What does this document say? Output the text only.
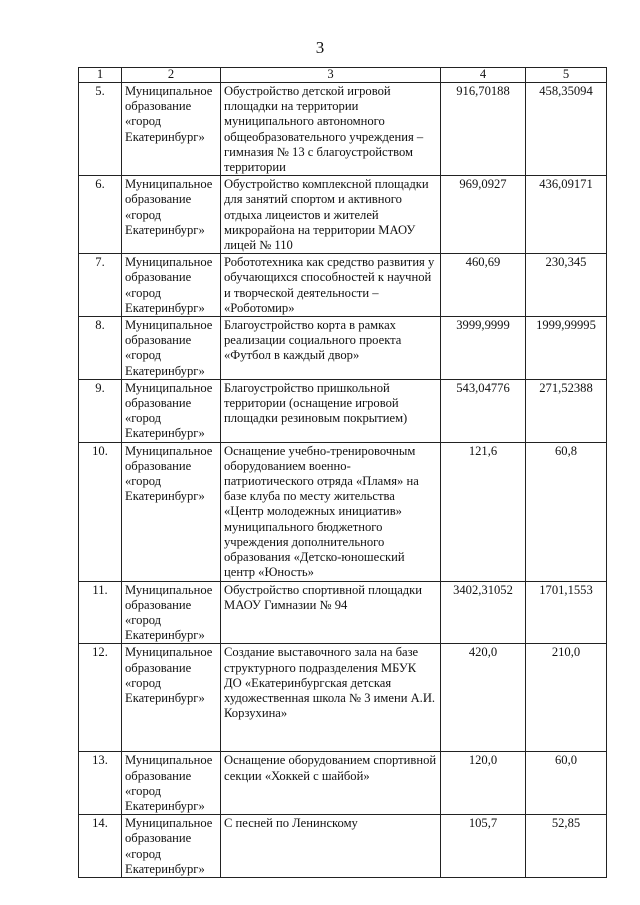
3
1	2	3	4	5
5.	Муниципальное образование «город Екатеринбург»	Обустройство детской игровой площадки на территории муниципального автономного общеобразовательного учреждения – гимназия № 13 с благоустройством территории	916,70188	458,35094
6.	Муниципальное образование «город Екатеринбург»	Обустройство комплексной площадки для занятий спортом и активного отдыха лицеистов и жителей микрорайона на территории МАОУ лицей № 110	969,0927	436,09171
7.	Муниципальное образование «город Екатеринбург»	Робототехника как средство развития у обучающихся способностей к научной и творческой деятельности – «Роботомир»	460,69	230,345
8.	Муниципальное образование «город Екатеринбург»	Благоустройство корта в рамках реализации социального проекта «Футбол в каждый двор»	3999,9999	1999,99995
9.	Муниципальное образование «город Екатеринбург»	Благоустройство пришкольной территории (оснащение игровой площадки резиновым покрытием)	543,04776	271,52388
10.	Муниципальное образование «город Екатеринбург»	Оснащение учебно-тренировочным оборудованием военно-патриотического отряда «Пламя» на базе клуба по месту жительства «Центр молодежных инициатив» муниципального бюджетного учреждения дополнительного образования «Детско-юношеский центр «Юность»	121,6	60,8
11.	Муниципальное образование «город Екатеринбург»	Обустройство спортивной площадки МАОУ Гимназии № 94	3402,31052	1701,1553
12.	Муниципальное образование «город Екатеринбург»	Создание выставочного зала на базе структурного подразделения МБУК ДО «Екатеринбургская детская художественная школа № 3 имени А.И. Корзухина»	420,0	210,0
13.	Муниципальное образование «город Екатеринбург»	Оснащение оборудованием спортивной секции «Хоккей с шайбой»	120,0	60,0
14.	Муниципальное образование «город Екатеринбург»	С песней по Ленинскому	105,7	52,85
